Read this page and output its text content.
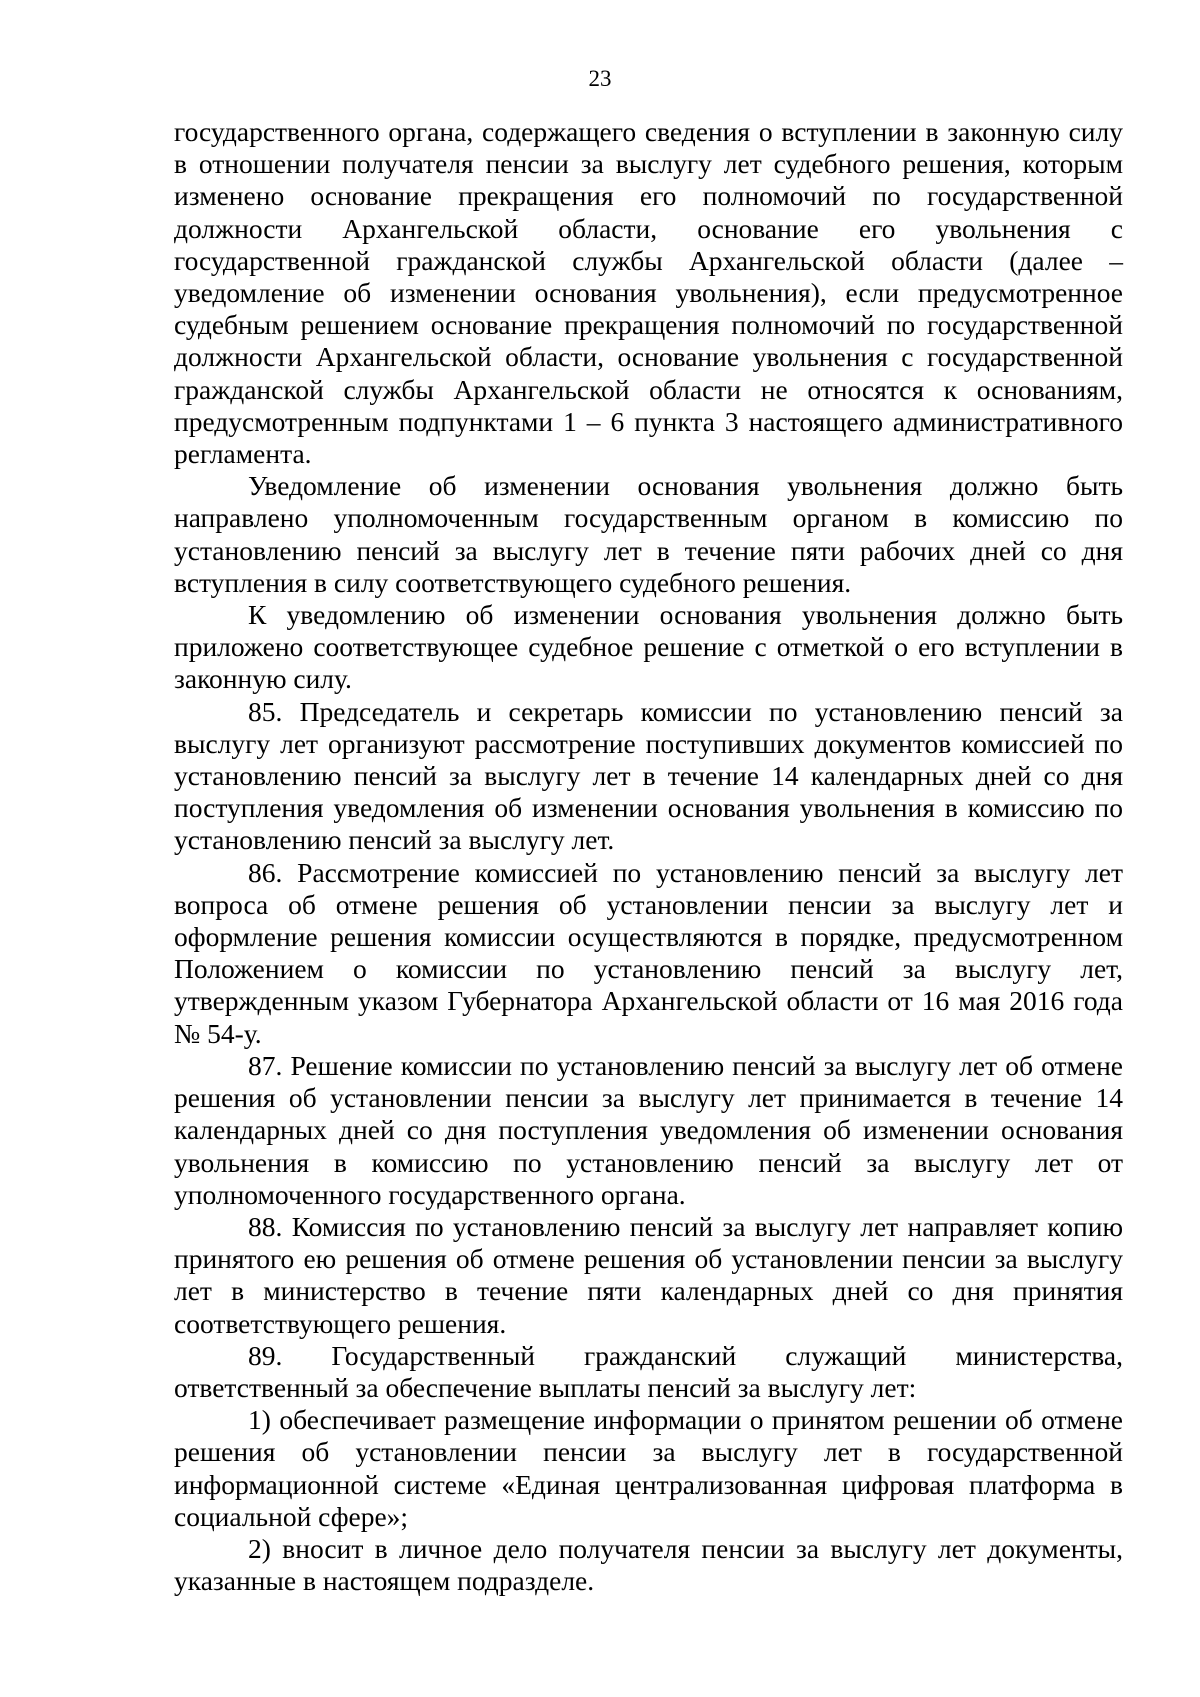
23

государственного органа, содержащего сведения о вступлении в законную силу в отношении получателя пенсии за выслугу лет судебного решения, которым изменено основание прекращения его полномочий по государственной должности Архангельской области, основание его увольнения с государственной гражданской службы Архангельской области (далее – уведомление об изменении основания увольнения), если предусмотренное судебным решением основание прекращения полномочий по государственной должности Архангельской области, основание увольнения с государственной гражданской службы Архангельской области не относятся к основаниям, предусмотренным подпунктами 1 – 6 пункта 3 настоящего административного регламента.

Уведомление об изменении основания увольнения должно быть направлено уполномоченным государственным органом в комиссию по установлению пенсий за выслугу лет в течение пяти рабочих дней со дня вступления в силу соответствующего судебного решения.

К уведомлению об изменении основания увольнения должно быть приложено соответствующее судебное решение с отметкой о его вступлении в законную силу.

85. Председатель и секретарь комиссии по установлению пенсий за выслугу лет организуют рассмотрение поступивших документов комиссией по установлению пенсий за выслугу лет в течение 14 календарных дней со дня поступления уведомления об изменении основания увольнения в комиссию по установлению пенсий за выслугу лет.

86. Рассмотрение комиссией по установлению пенсий за выслугу лет вопроса об отмене решения об установлении пенсии за выслугу лет и оформление решения комиссии осуществляются в порядке, предусмотренном Положением о комиссии по установлению пенсий за выслугу лет, утвержденным указом Губернатора Архангельской области от 16 мая 2016 года № 54-у.

87. Решение комиссии по установлению пенсий за выслугу лет об отмене решения об установлении пенсии за выслугу лет принимается в течение 14 календарных дней со дня поступления уведомления об изменении основания увольнения в комиссию по установлению пенсий за выслугу лет от уполномоченного государственного органа.

88. Комиссия по установлению пенсий за выслугу лет направляет копию принятого ею решения об отмене решения об установлении пенсии за выслугу лет в министерство в течение пяти календарных дней со дня принятия соответствующего решения.

89. Государственный гражданский служащий министерства, ответственный за обеспечение выплаты пенсий за выслугу лет:

1) обеспечивает размещение информации о принятом решении об отмене решения об установлении пенсии за выслугу лет в государственной информационной системе «Единая централизованная цифровая платформа в социальной сфере»;

2) вносит в личное дело получателя пенсии за выслугу лет документы, указанные в настоящем подразделе.
